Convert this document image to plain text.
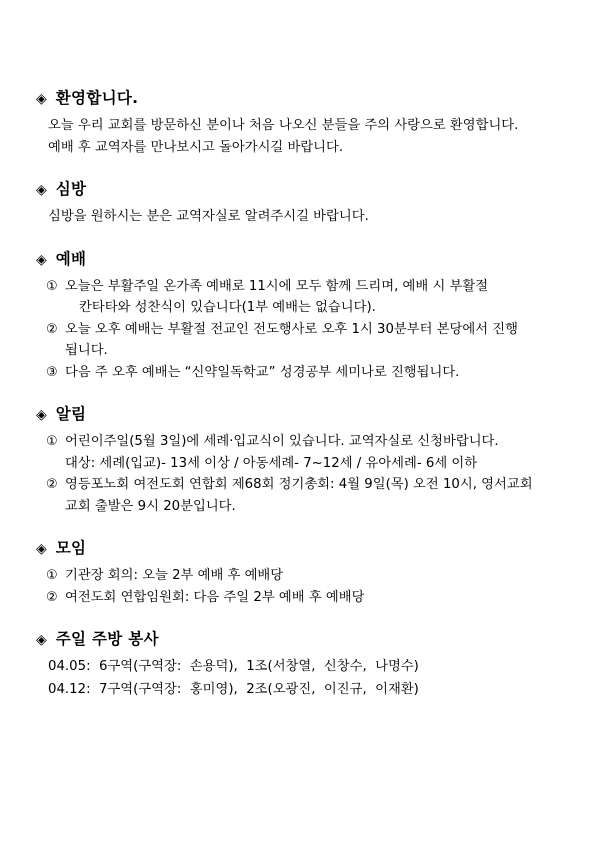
◈ 환영합니다.
오늘 우리 교회를 방문하신 분이나 처음 나오신 분들을 주의 사랑으로 환영합니다.
예배 후 교역자를 만나보시고 돌아가시길 바랍니다.
◈ 심방
심방을 원하시는 분은 교역자실로 알려주시길 바랍니다.
◈ 예배
① 오늘은 부활주일 온가족 예배로 11시에 모두 함께 드리며, 예배 시 부활절
칸타타와 성찬식이 있습니다(1부 예배는 없습니다).
② 오늘 오후 예배는 부활절 전교인 전도행사로 오후 1시 30분부터 본당에서 진행
됩니다.
③ 다음 주 오후 예배는 “신약일독학교” 성경공부 세미나로 진행됩니다.
◈ 알림
① 어린이주일(5월 3일)에 세례·입교식이 있습니다. 교역자실로 신청바랍니다.
대상: 세례(입교)- 13세 이상 / 아동세례- 7~12세 / 유아세례- 6세 이하
② 영등포노회 여전도회 연합회 제68회 정기총회: 4월 9일(목) 오전 10시, 영서교회
교회 출발은 9시 20분입니다.
◈ 모임
① 기관장 회의: 오늘 2부 예배 후 예배당
② 여전도회 연합임원회: 다음 주일 2부 예배 후 예배당
◈ 주일 주방 봉사
04.05:  6구역(구역장:  손용덕),  1조(서창열,  신창수,  나명수)
04.12:  7구역(구역장:  홍미영),  2조(오광진,  이진규,  이재환)
